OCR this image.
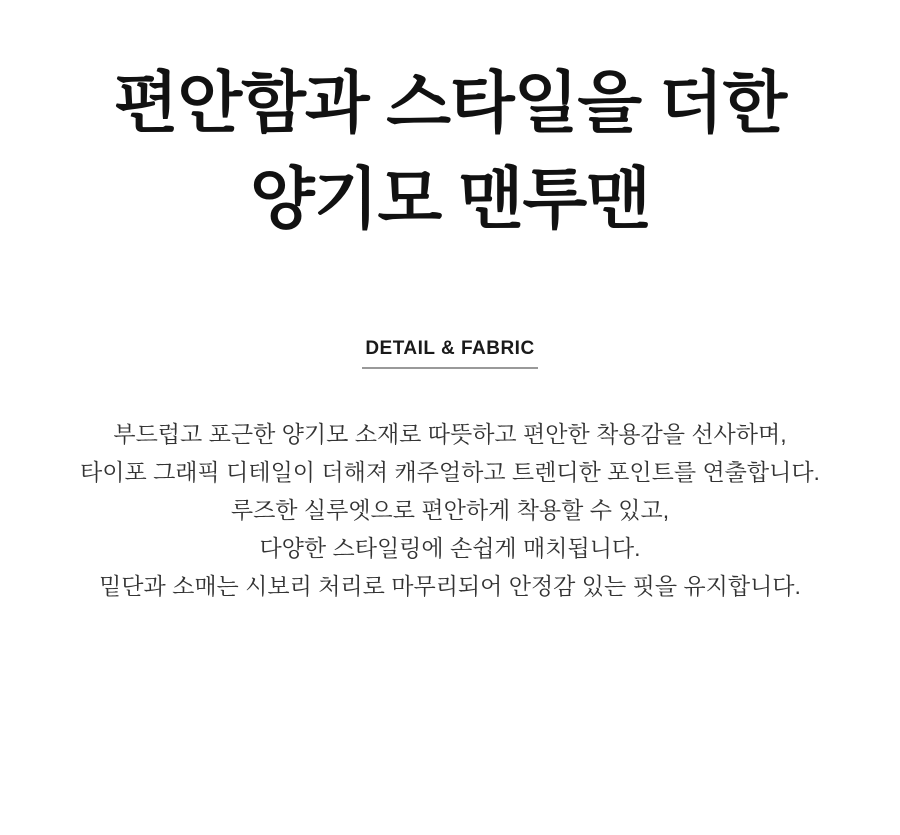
편안함과 스타일을 더한
양기모 맨투맨
DETAIL & FABRIC
부드럽고 포근한 양기모 소재로 따뜻하고 편안한 착용감을 선사하며,
타이포 그래픽 디테일이 더해져 캐주얼하고 트렌디한 포인트를 연출합니다.
루즈한 실루엣으로 편안하게 착용할 수 있고,
다양한 스타일링에 손쉽게 매치됩니다.
밑단과 소매는 시보리 처리로 마무리되어 안정감 있는 핏을 유지합니다.
